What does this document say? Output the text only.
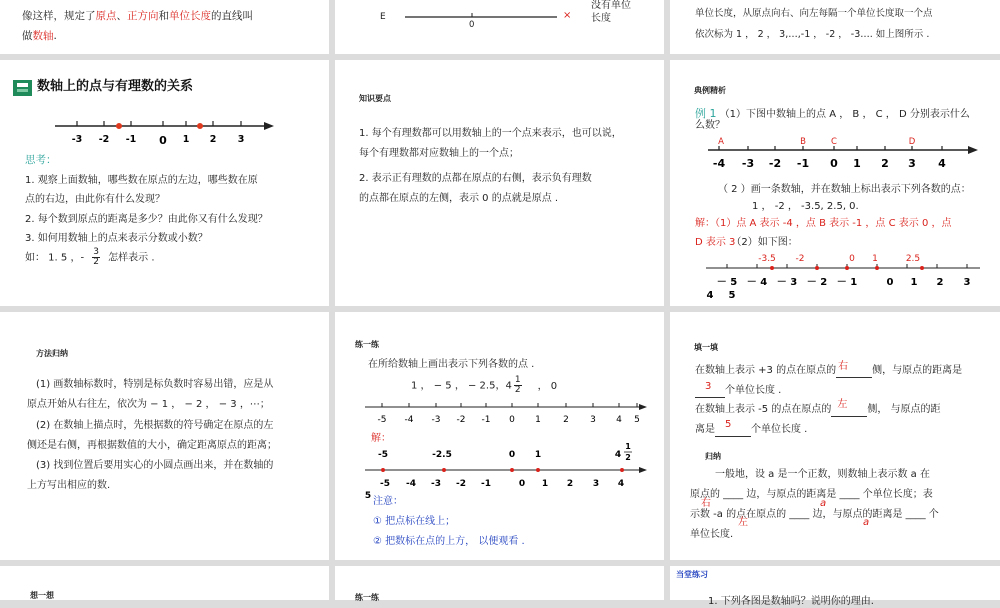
像这样，规定了原点、正方向和单位长度的直线叫
做数轴.
E
0
×
没有单位
长度	单位长度，从原点向右、向左每隔一个单位长度取一个点
依次标为 1 ， 2 ， 3,…,-1 ， -2 ， -3…. 如上图所示 .
数轴上的点与有理数的关系
-3 -2 -1 0 1 2 3
思考：
1. 观察上面数轴，哪些数在原点的左边，哪些数在原
点的右边，由此你有什么发现？
2. 每个数到原点的距离是多少？由此你又有什么发现？
3. 如何用数轴上的点来表示分数或小数？
如： 1. 5 ，- $\frac{3}{2}$ 怎样表示 .
知识要点
1. 每个有理数都可以用数轴上的一个点来表示，也可以说，
每个有理数都对应数轴上的一个点；
2. 表示正有理数的点都在原点的右侧，表示负有理数
的点都在原点的左侧，表示 0 的点就是原点 .
典例精析
例 1 （1）下图中数轴上的点 A ， B ， C ， D 分别表示什么
么数？
A	B	C	D
-4 -3 -2 -1 0 1 2 3 4
（ 2 ）画一条数轴，并在数轴上标出表示下列各数的点：
1 ， -2 ， -3.5, 2.5, 0.
解：（1）点 A 表示 -4 ，点 B 表示 -1 ，点 C 表示 0 ，点
D 表示 3（2）如下图：
-3.5 -2	0 1	2.5
－ 5 － 4 － 3 － 2 － 1	0 1 2 3
4 5
方法归纳
(1) 画数轴标数时，特别是标负数时容易出错，应是从
原点开始从右往左，依次为 − 1 ， − 2 ， − 3 ，⋯；
(2) 在数轴上描点时，先根据数的符号确定在原点的左
侧还是右侧，再根据数值的大小，确定距离原点的距离；
(3) 找到位置后要用实心的小圆点画出来，并在数轴的
上方写出相应的数.
练一练
在所给数轴上画出表示下列各数的点 .
1 ， − 5 ， − 2.5，$4 \frac{1}{2}$ ， 0
-5 -4 -3 -2 -1 0 1 2 3 4 5
解：
-5	-2.5	0 1	4
1
2
-5 -4 -3 -2 -1	0 1 2 3 4
5 注意：
① 把点标在线上；
② 把数标在点的上方， 以便观看 .
填一填
在数轴上表示 +3 的点在原点的 右 侧，与原点的距离是
3 个单位长度 .
在数轴上表示 -5 的点在原点的 左 侧， 与原点的距
离是 5 个单位长度 .
归纳
一般地，设 a 是一个正数，则数轴上表示数 a 在
原点的 ____ 边，与原点的距离是 ____ 个单位长度；表
示数 -a 的点在原点的 ____ 边，与原点的距离是 ____ 个
单位长度.
右	a
左	a
想一想	练一练
当堂练习
1. 下列各图是数轴吗？说明你的理由.
